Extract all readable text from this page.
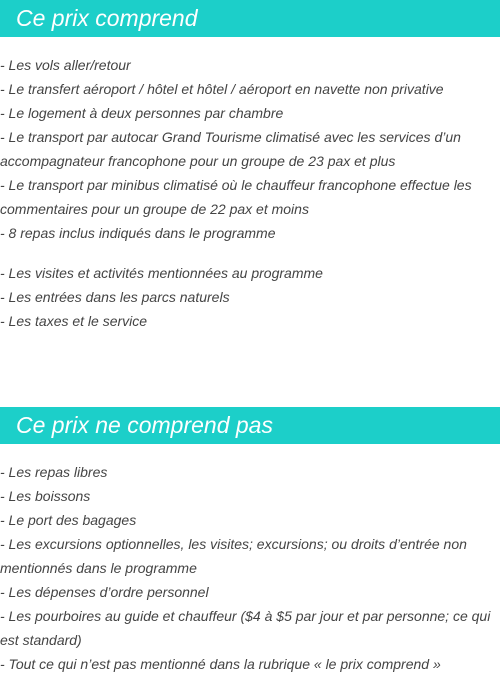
Ce prix comprend
- Les vols aller/retour
- Le transfert aéroport / hôtel et hôtel / aéroport en navette non privative
- Le logement à deux personnes par chambre
- Le transport par autocar Grand Tourisme climatisé avec les services d’un accompagnateur francophone pour un groupe de 23 pax et plus
- Le transport par minibus climatisé où le chauffeur francophone effectue les commentaires pour un groupe de 22 pax et moins
- 8 repas inclus indiqués dans le programme
- Les visites et activités mentionnées au programme
- Les entrées dans les parcs naturels
- Les taxes et le service
Ce prix ne comprend pas
- Les repas libres
- Les boissons
- Le port des bagages
- Les excursions optionnelles, les visites; excursions; ou droits d’entrée non mentionnés dans le programme
- Les dépenses d’ordre personnel
- Les pourboires au guide et chauffeur ($4 à $5 par jour et par personne; ce qui est standard)
- Tout ce qui n’est pas mentionné dans la rubrique « le prix comprend »
